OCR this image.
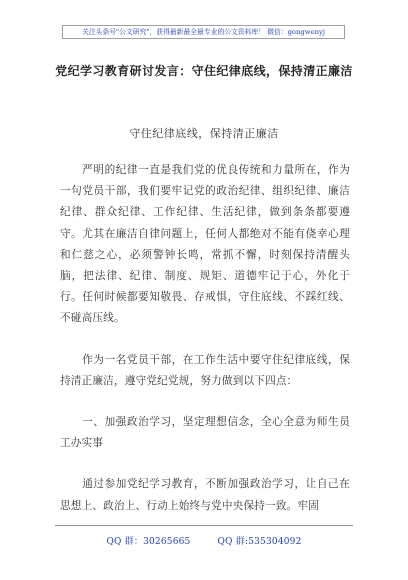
关注头条号"公文研究"，获得最新最全最专业的公文资料库！ 微信：gongwenyj
党纪学习教育研讨发言：守住纪律底线，保持清正廉洁
守住纪律底线，保持清正廉洁

严明的纪律一直是我们党的优良传统和力量所在，作为一句党员干部，我们要牢记党的政治纪律、组织纪律、廉洁纪律、群众纪律、工作纪律、生活纪律，做到条条都要遵守。尤其在廉洁自律问题上，任何人都绝对不能有侥幸心理和仁慈之心，必须警钟长鸣，常抓不懈，时刻保持清醒头脑，把法律、纪律、制度、规矩、道德牢记于心，外化于行。任何时候都要知敬畏、存戒惧，守住底线、不踩红线、不碰高压线。

作为一名党员干部，在工作生活中要守住纪律底线，保持清正廉洁，遵守党纪党规，努力做到以下四点：

一、加强政治学习，坚定理想信念，全心全意为师生员工办实事

通过参加党纪学习教育，不断加强政治学习，让自己在思想上、政治上、行动上始终与党中央保持一致。牢固

QQ 群：30265665	QQ 群:535304092
